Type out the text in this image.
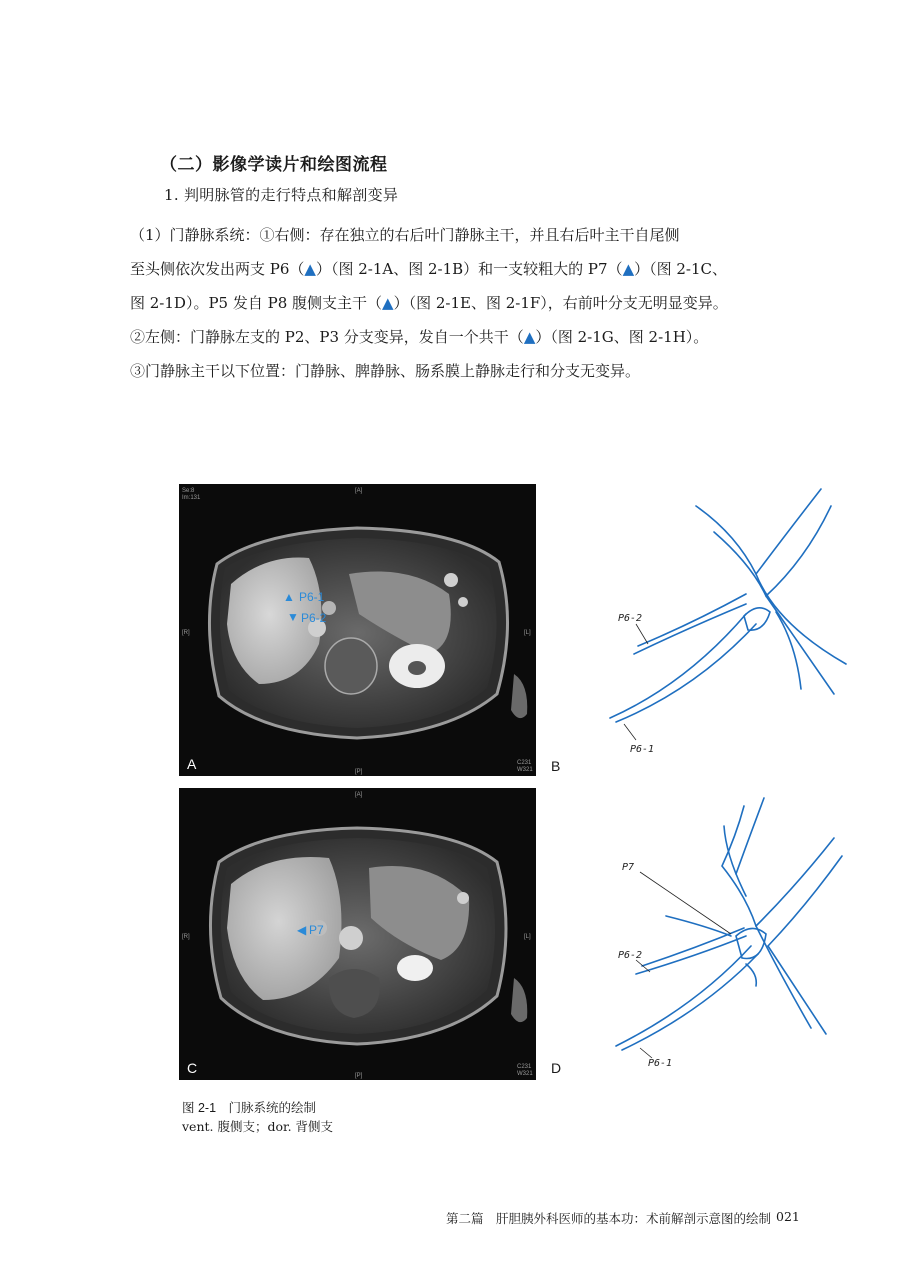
（二）影像学读片和绘图流程
1. 判明脉管的走行特点和解剖变异
（1）门静脉系统：①右侧：存在独立的右后叶门静脉主干，并且右后叶主干自尾侧
至头侧依次发出两支 P6（▲）（图 2-1A、图 2-1B）和一支较粗大的 P7（▲）（图 2-1C、
图 2-1D）。P5 发自 P8 腹侧支主干（▲）（图 2-1E、图 2-1F），右前叶分支无明显变异。
②左侧：门静脉左支的 P2、P3 分支变异，发自一个共干（▲）（图 2-1G、图 2-1H）。
③门静脉主干以下位置：门静脉、脾静脉、肠系膜上静脉走行和分支无变异。
Se:8
Im:131
[A]
[P]
[R]	[L]
C231
W321
▲ P6-1
▼ P6-2
A	B
P6-2
P6-1
[A]
[P]
[R]	[L]
C231
W321
◀ P7
C	D
P7
P6-2
P6-1
图 2-1　门脉系统的绘制
vent. 腹侧支；dor. 背侧支
第二篇　肝胆胰外科医师的基本功：术前解剖示意图的绘制 021
